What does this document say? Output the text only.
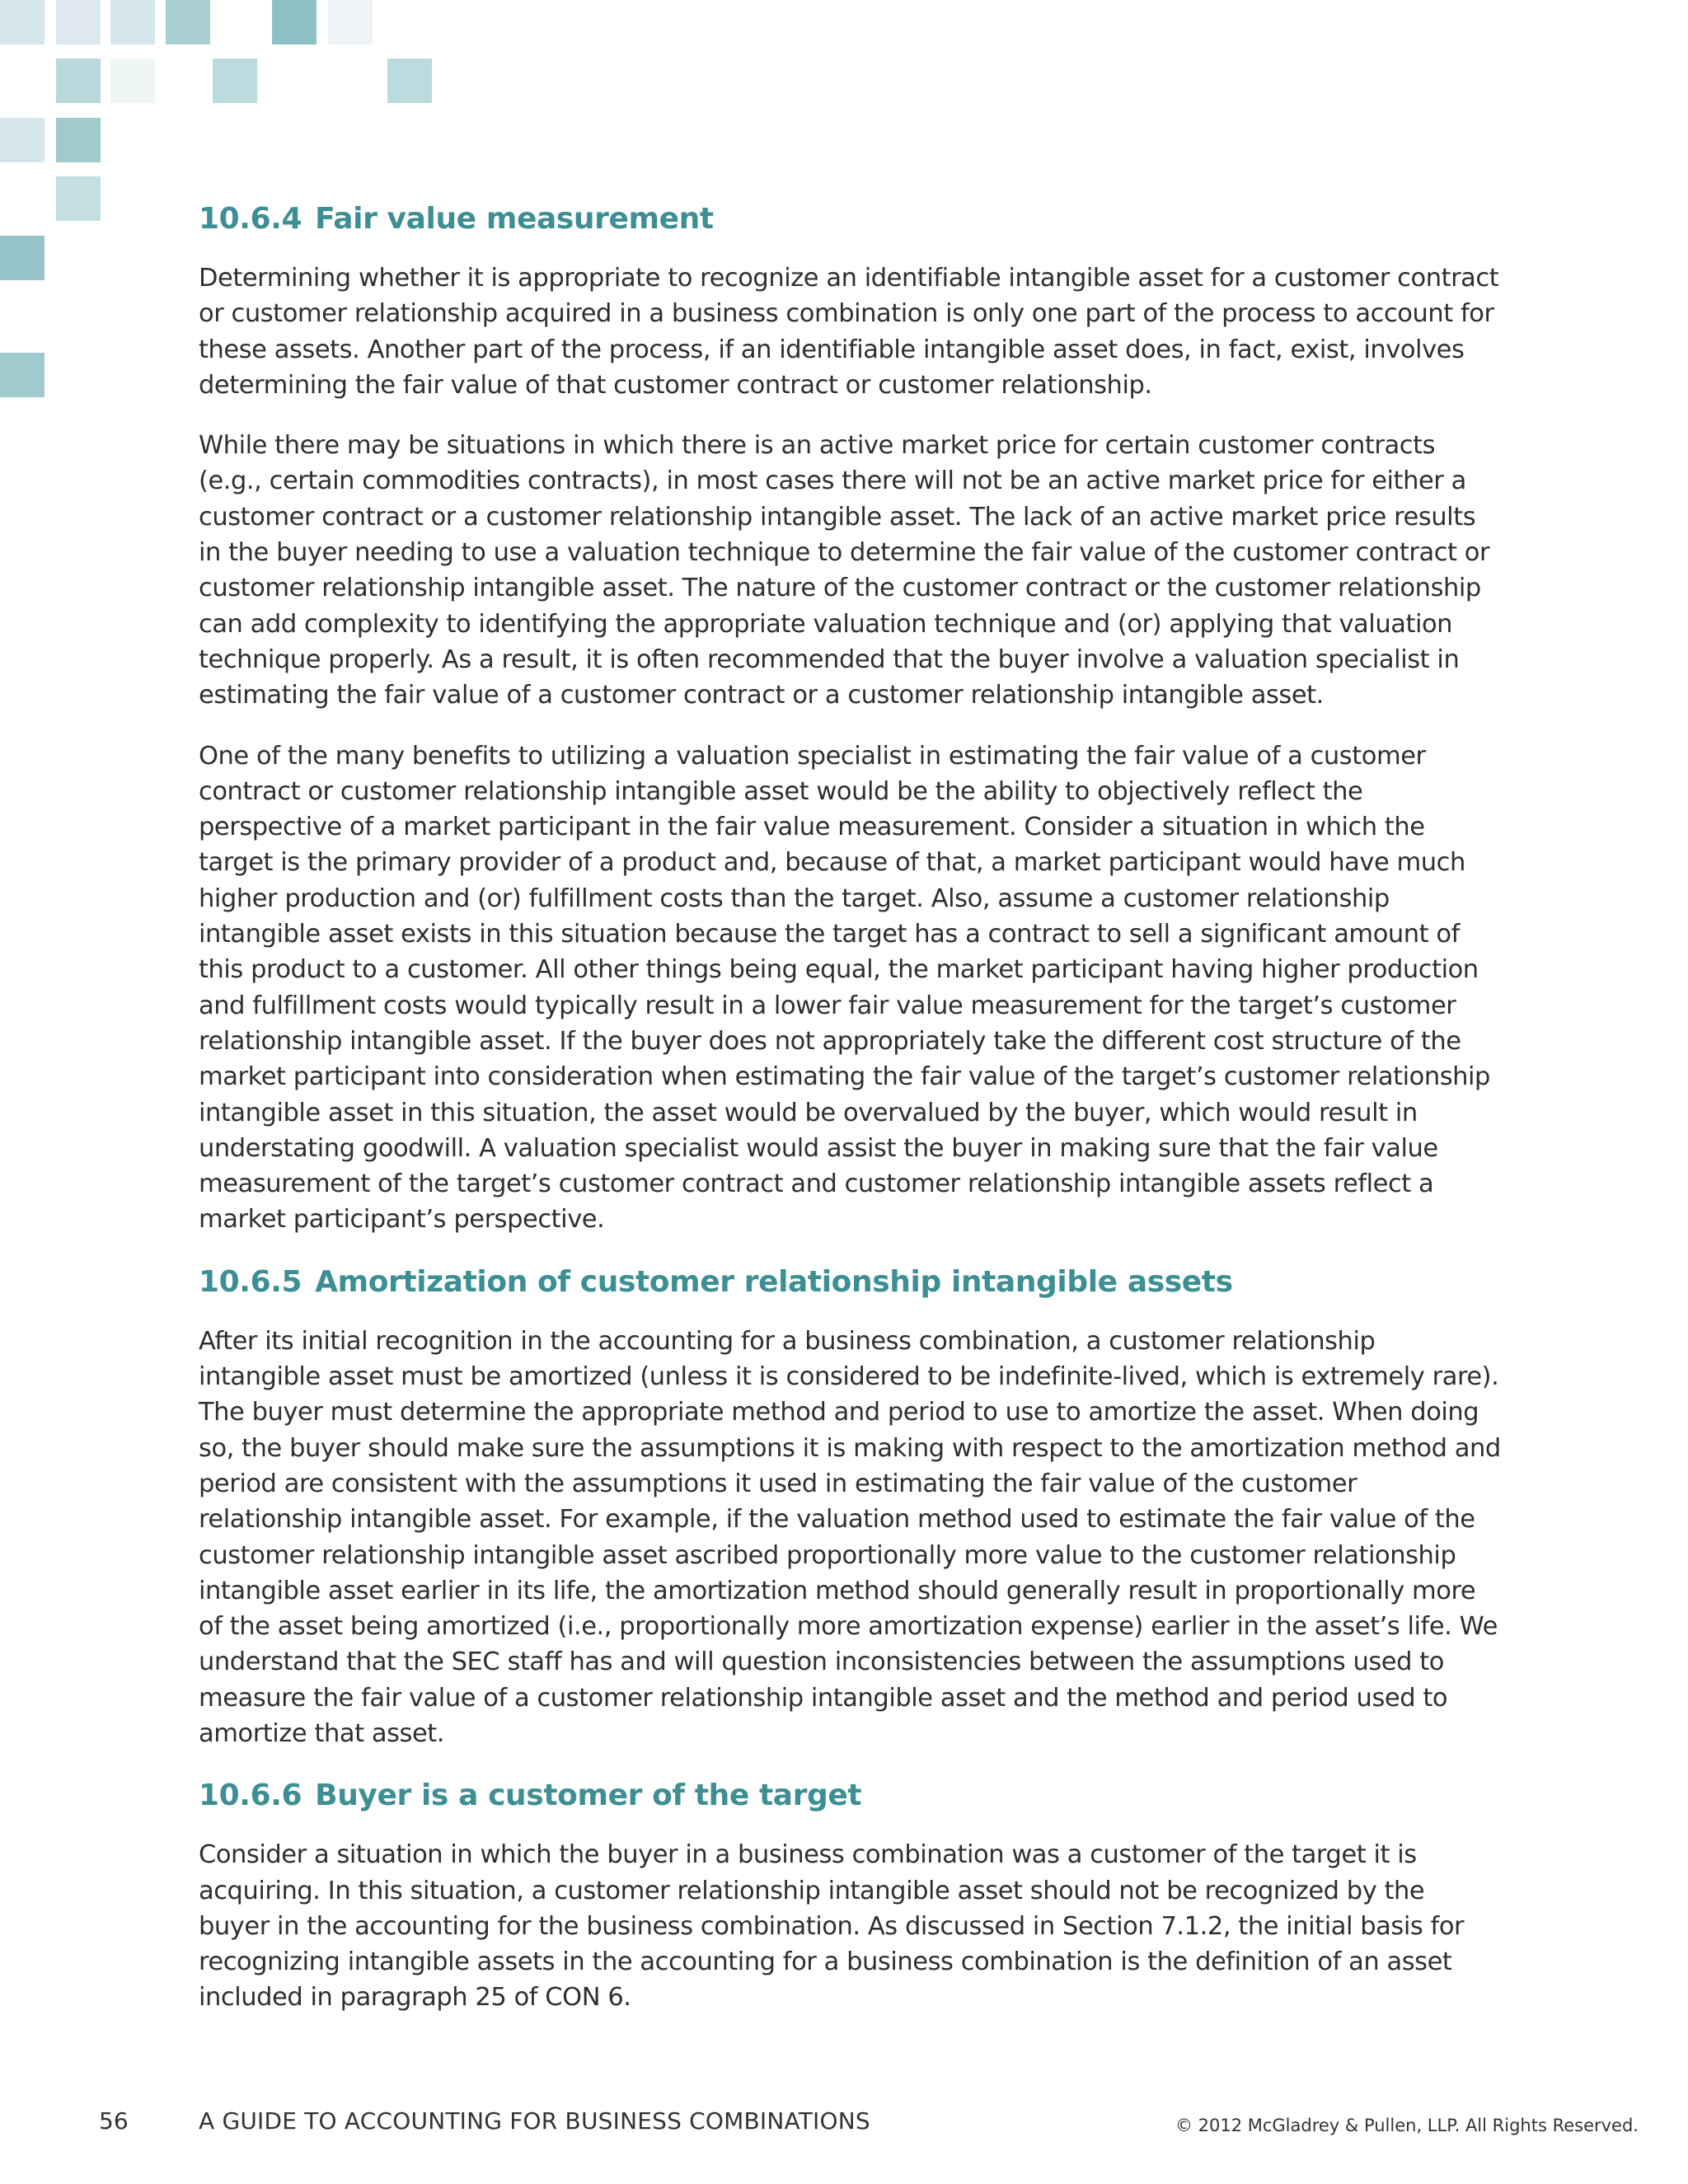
10.6.4 Fair value measurement

Determining whether it is appropriate to recognize an identifiable intangible asset for a customer contract or customer relationship acquired in a business combination is only one part of the process to account for these assets. Another part of the process, if an identifiable intangible asset does, in fact, exist, involves determining the fair value of that customer contract or customer relationship.

While there may be situations in which there is an active market price for certain customer contracts (e.g., certain commodities contracts), in most cases there will not be an active market price for either a customer contract or a customer relationship intangible asset. The lack of an active market price results in the buyer needing to use a valuation technique to determine the fair value of the customer contract or customer relationship intangible asset. The nature of the customer contract or the customer relationship can add complexity to identifying the appropriate valuation technique and (or) applying that valuation technique properly. As a result, it is often recommended that the buyer involve a valuation specialist in estimating the fair value of a customer contract or a customer relationship intangible asset.

One of the many benefits to utilizing a valuation specialist in estimating the fair value of a customer contract or customer relationship intangible asset would be the ability to objectively reflect the perspective of a market participant in the fair value measurement. Consider a situation in which the target is the primary provider of a product and, because of that, a market participant would have much higher production and (or) fulfillment costs than the target. Also, assume a customer relationship intangible asset exists in this situation because the target has a contract to sell a significant amount of this product to a customer. All other things being equal, the market participant having higher production and fulfillment costs would typically result in a lower fair value measurement for the target’s customer relationship intangible asset. If the buyer does not appropriately take the different cost structure of the market participant into consideration when estimating the fair value of the target’s customer relationship intangible asset in this situation, the asset would be overvalued by the buyer, which would result in understating goodwill. A valuation specialist would assist the buyer in making sure that the fair value measurement of the target’s customer contract and customer relationship intangible assets reflect a market participant’s perspective.

10.6.5 Amortization of customer relationship intangible assets

After its initial recognition in the accounting for a business combination, a customer relationship intangible asset must be amortized (unless it is considered to be indefinite-lived, which is extremely rare). The buyer must determine the appropriate method and period to use to amortize the asset. When doing so, the buyer should make sure the assumptions it is making with respect to the amortization method and period are consistent with the assumptions it used in estimating the fair value of the customer relationship intangible asset. For example, if the valuation method used to estimate the fair value of the customer relationship intangible asset ascribed proportionally more value to the customer relationship intangible asset earlier in its life, the amortization method should generally result in proportionally more of the asset being amortized (i.e., proportionally more amortization expense) earlier in the asset’s life. We understand that the SEC staff has and will question inconsistencies between the assumptions used to measure the fair value of a customer relationship intangible asset and the method and period used to amortize that asset.

10.6.6 Buyer is a customer of the target

Consider a situation in which the buyer in a business combination was a customer of the target it is acquiring. In this situation, a customer relationship intangible asset should not be recognized by the buyer in the accounting for the business combination. As discussed in Section 7.1.2, the initial basis for recognizing intangible assets in the accounting for a business combination is the definition of an asset included in paragraph 25 of CON 6.

56	A GUIDE TO ACCOUNTING FOR BUSINESS COMBINATIONS	© 2012 McGladrey & Pullen, LLP. All Rights Reserved.
